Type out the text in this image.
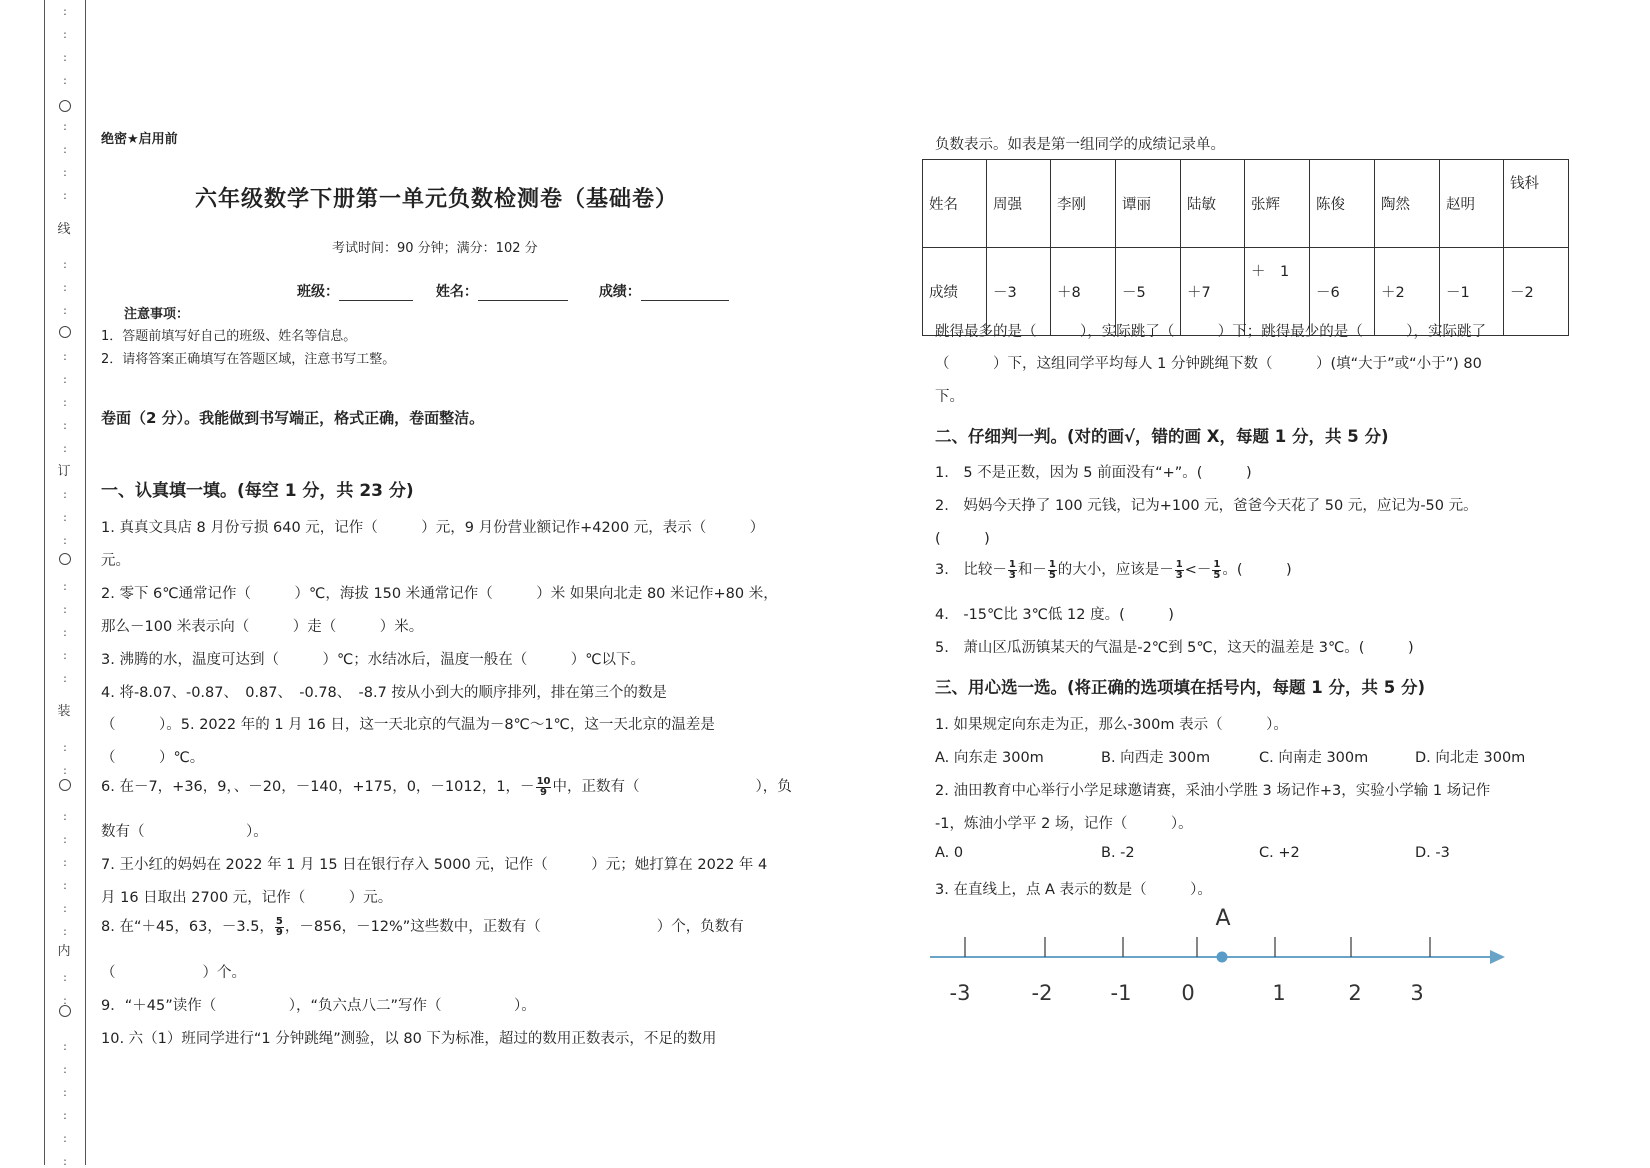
:
:
:
:
:
:
:
:
:
:
:
:
:
:
:
:
:
:
:
:
:
:
:
:
:
:
:
:
:
:
:
:
:
:
:
:
:
:
:
:
线
订
装
内
绝密★启用前
六年级数学下册第一单元负数检测卷（基础卷）
考试时间：90 分钟；满分：102 分
班级：	姓名：	成绩：
注意事项：
1．答题前填写好自己的班级、姓名等信息。
2．请将答案正确填写在答题区域，注意书写工整。
卷面（2 分）。我能做到书写端正，格式正确，卷面整洁。
一、认真填一填。(每空 1 分，共 23 分)
1. 真真文具店 8 月份亏损 640 元，记作（　　　）元，9 月份营业额记作+4200 元，表示（　　　）
元。
2. 零下 6℃通常记作（　　　）℃，海拔 150 米通常记作（　　　）米 如果向北走 80 米记作+80 米，
那么－100 米表示向（　　　）走（　　　）米。
3. 沸腾的水，温度可达到（　　　）℃；水结冰后，温度一般在（　　　）℃以下。
4. 将-8.07、-0.87、　0.87、　-0.78、　-8.7 按从小到大的顺序排列，排在第三个的数是
（　　　）。5. 2022 年的 1 月 16 日，这一天北京的气温为－8℃～1℃，这一天北京的温差是
（　　　）℃。
6. 在－7，+36，9，、－20，－140，+175，0，－1012，1，－ $\frac{10}{9}$ 中，正数有（　　　　　　　　），负
数有（　　　　　　　）。
7. 王小红的妈妈在 2022 年 1 月 15 日在银行存入 5000 元，记作（　　　）元；她打算在 2022 年 4
月 16 日取出 2700 元，记作（　　　）元。
8. 在“＋45，63，－3.5， $\frac{5}{9}$ ，－856，－12%”这些数中，正数有（　　　　　　　　）个，负数有
（　　　　　　）个。
9．“＋45”读作（　　　　　），“负六点八二”写作（　　　　　）。
10. 六（1）班同学进行“1 分钟跳绳”测验，以 80 下为标准，超过的数用正数表示，不足的数用
负数表示。如表是第一组同学的成绩记录单。
姓名	周强	李刚	谭丽	陆敏	张辉	陈俊	陶然	赵明	钱科
成绩	－3	＋8	－5	＋7	＋　1	－6	＋2	－1	－2
跳得最多的是（　　　），实际跳了（　　　）下；跳得最少的是（　　　），实际跳了
（　　　）下，这组同学平均每人 1 分钟跳绳下数（　　　）(填“大于”或“小于”) 80
下。
二、仔细判一判。(对的画√，错的画 X，每题 1 分，共 5 分)
1.　5 不是正数，因为 5 前面没有“+”。(　　　)
2.　妈妈今天挣了 100 元钱，记为+100 元，爸爸今天花了 50 元，应记为-50 元。
(　　　)
3.　比较－ $\frac{1}{3}$ 和－ $\frac{1}{5}$ 的大小，应该是－ $\frac{1}{3} <- \frac{1}{5}$ 。(　　　)
4.　-15℃比 3℃低 12 度。(　　　)
5.　萧山区瓜沥镇某天的气温是-2℃到 5℃，这天的温差是 3℃。(　　　)
三、用心选一选。(将正确的选项填在括号内，每题 1 分，共 5 分)
1. 如果规定向东走为正，那么-300m 表示（　　　）。
A. 向东走 300m	B. 向西走 300m	C. 向南走 300m	D. 向北走 300m
2. 油田教育中心举行小学足球邀请赛，采油小学胜 3 场记作+3，实验小学输 1 场记作
-1，炼油小学平 2 场，记作（　　　）。
A. 0	B. -2	C. +2	D. -3
3. 在直线上，点 A 表示的数是（　　　）。
-3	-2	-1 0	1	2 3
A
